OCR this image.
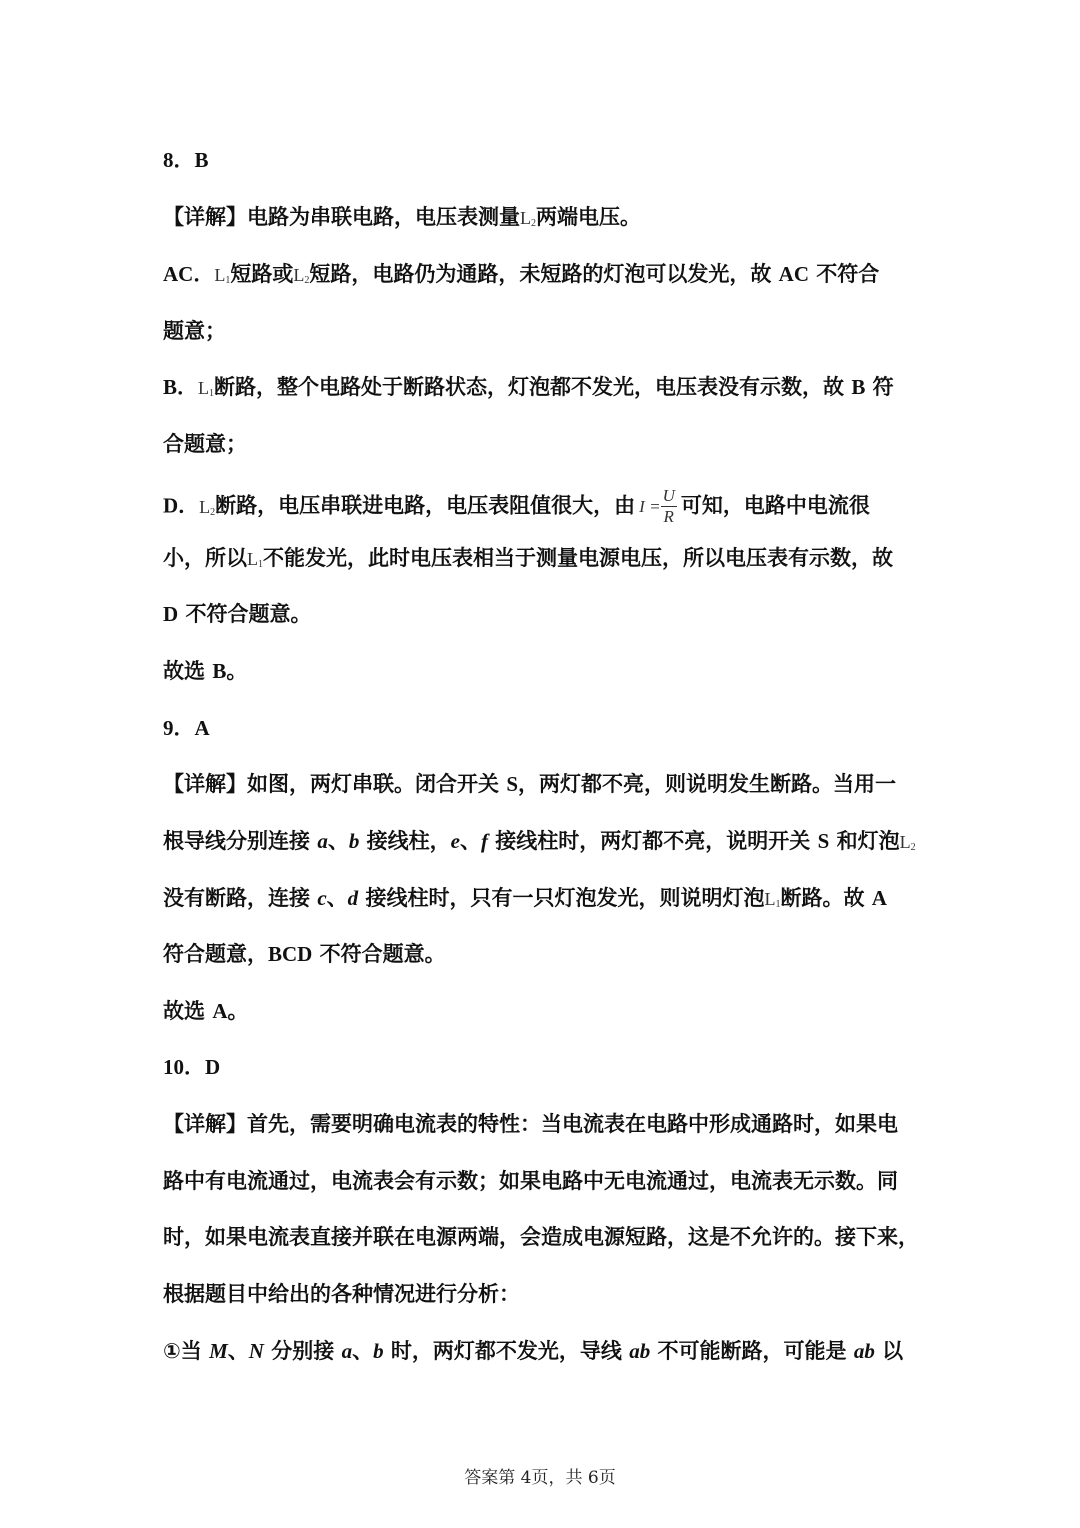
8．B
【详解】电路为串联电路，电压表测量$L_2$两端电压。
AC．$L_1$短路或$L_2$短路，电路仍为通路，未短路的灯泡可以发光，故 AC 不符合
题意；
B．$L_1$断路，整个电路处于断路状态，灯泡都不发光，电压表没有示数，故 B 符
合题意；
D．$L_2$断路，电压串联进电路，电压表阻值很大，由 $I = \frac{U}{R}$ 可知，电路中电流很
小，所以$L_1$不能发光，此时电压表相当于测量电源电压，所以电压表有示数，故
D 不符合题意。
故选 B。
9．A
【详解】如图，两灯串联。闭合开关 S，两灯都不亮，则说明发生断路。当用一
根导线分别连接 a、b 接线柱，e、f 接线柱时，两灯都不亮，说明开关 S 和灯泡$L_2$
没有断路，连接 c、d 接线柱时，只有一只灯泡发光，则说明灯泡$L_1$断路。故 A
符合题意，BCD 不符合题意。
故选 A。
10．D
【详解】首先，需要明确电流表的特性：当电流表在电路中形成通路时，如果电
路中有电流通过，电流表会有示数；如果电路中无电流通过，电流表无示数。同
时，如果电流表直接并联在电源两端，会造成电源短路，这是不允许的。接下来，
根据题目中给出的各种情况进行分析：
①当 M、N 分别接 a、b 时，两灯都不发光，导线 ab 不可能断路，可能是 ab 以
答案第 4页，共 6页
